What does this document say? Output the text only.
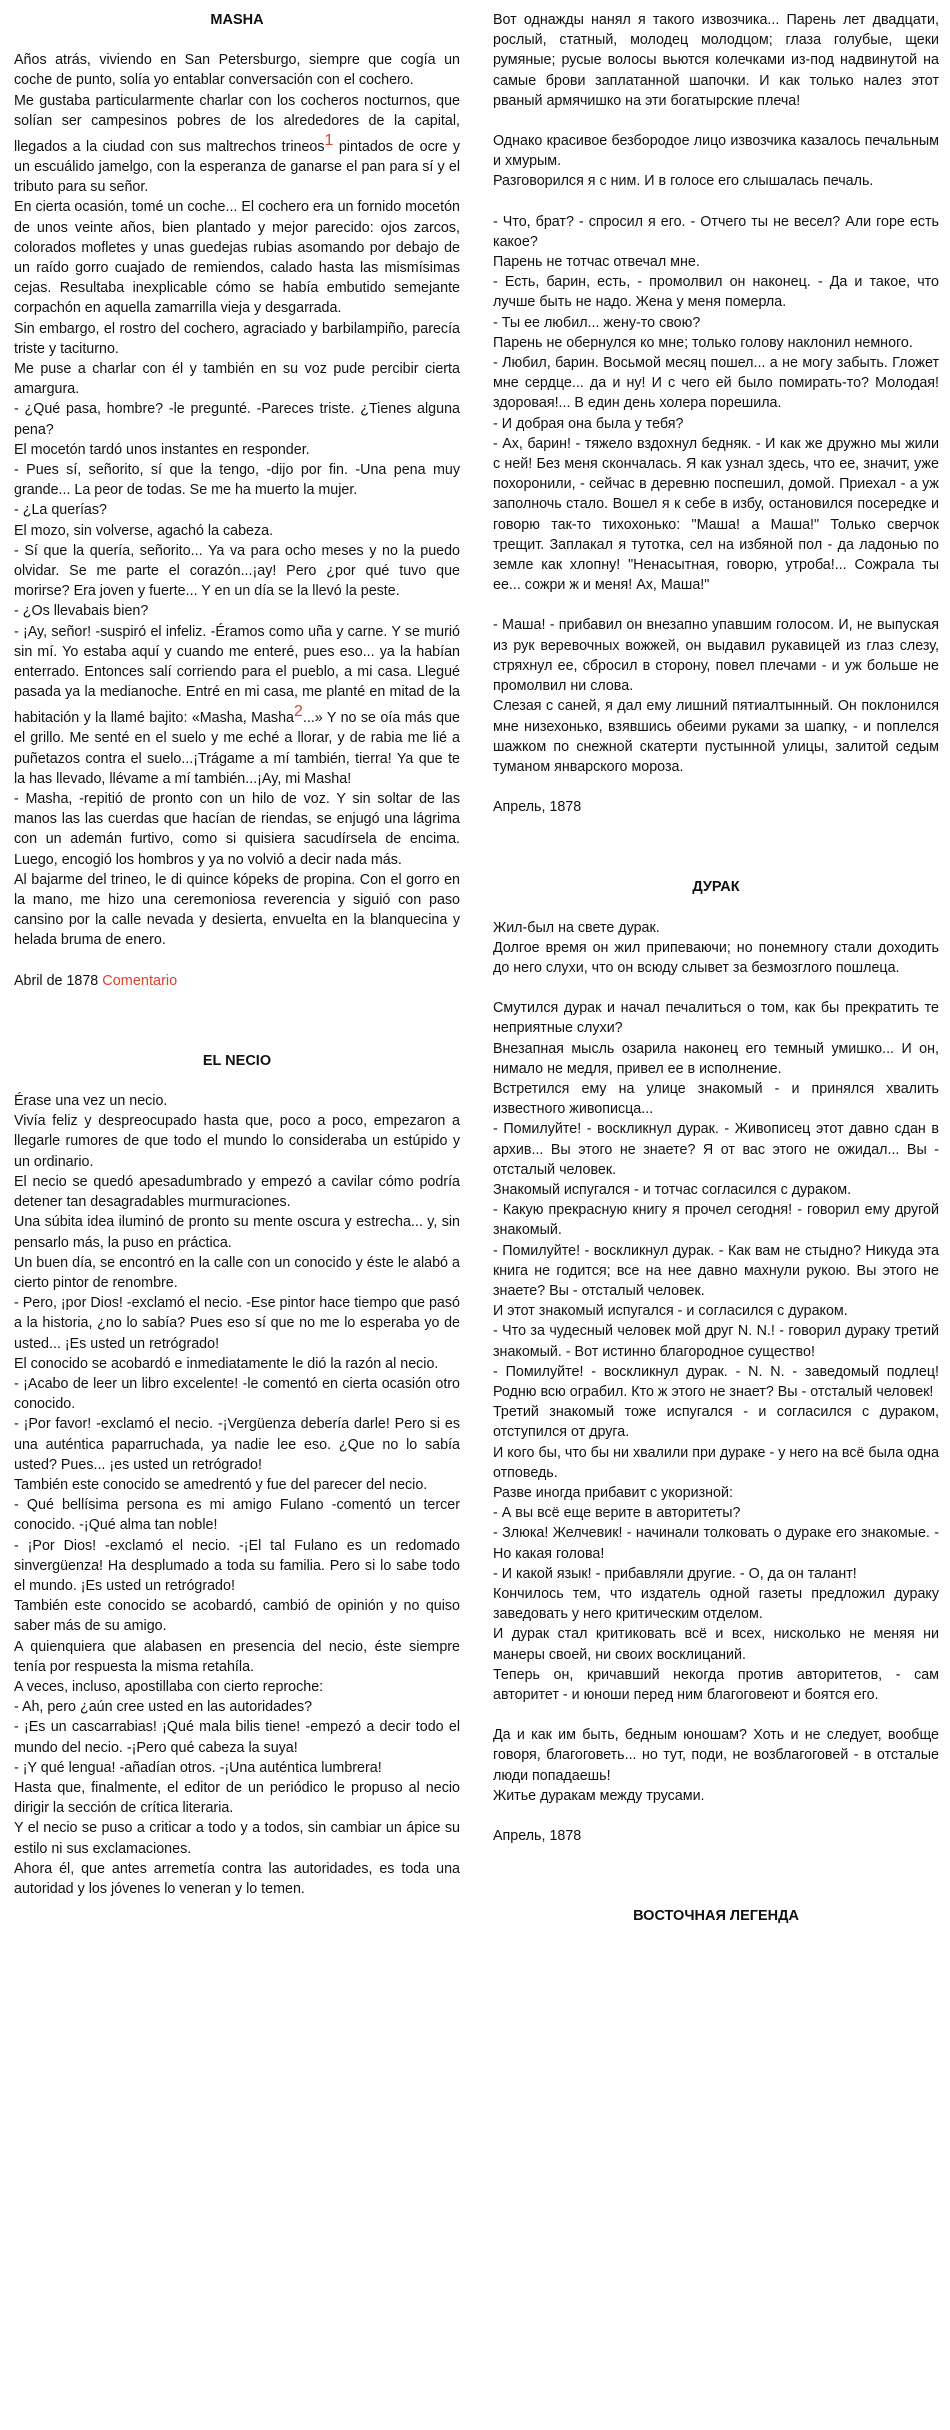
MASHA

Años atrás, viviendo en San Petersburgo, siempre que cogía un coche de punto, solía yo entablar conversación con el cochero.

Me gustaba particularmente charlar con los cocheros nocturnos, que solían ser campesinos pobres de los alrededores de la capital, llegados a la ciudad con sus maltrechos trineos$^1$ pintados de ocre y un escuálido jamelgo, con la esperanza de ganarse el pan para sí y el tributo para su señor.

En cierta ocasión, tomé un coche... El cochero era un fornido mocetón de unos veinte años, bien plantado y mejor parecido: ojos zarcos, colorados mofletes y unas guedejas rubias asomando por debajo de un raído gorro cuajado de remiendos, calado hasta las mismísimas cejas. Resultaba inexplicable cómo se había embutido semejante corpachón en aquella zamarrilla vieja y desgarrada.

Sin embargo, el rostro del cochero, agraciado y barbilampiño, parecía triste y taciturno.

Me puse a charlar con él y también en su voz pude percibir cierta amargura.

- ¿Qué pasa, hombre? -le pregunté. -Pareces triste. ¿Tienes alguna pena?

El mocetón tardó unos instantes en responder.

- Pues sí, señorito, sí que la tengo, -dijo por fin. -Una pena muy grande... La peor de todas. Se me ha muerto la mujer.

- ¿La querías?

El mozo, sin volverse, agachó la cabeza.

- Sí que la quería, señorito... Ya va para ocho meses y no la puedo olvidar. Se me parte el corazón...¡ay! Pero ¿por qué tuvo que morirse? Era joven y fuerte... Y en un día se la llevó la peste.

- ¿Os llevabais bien?

- ¡Ay, señor! -suspiró el infeliz. -Éramos como uña y carne. Y se murió sin mí. Yo estaba aquí y cuando me enteré, pues eso... ya la habían enterrado. Entonces salí corriendo para el pueblo, a mi casa. Llegué pasada ya la medianoche. Entré en mi casa, me planté en mitad de la habitación y la llamé bajito: «Masha, Masha$^2$...» Y no se oía más que el grillo. Me senté en el suelo y me eché a llorar, y de rabia me lié a puñetazos contra el suelo...¡Trágame a mí también, tierra! Ya que te la has llevado, llévame a mí también...¡Ay, mi Masha!

- Masha, -repitió de pronto con un hilo de voz. Y sin soltar de las manos las las cuerdas que hacían de riendas, se enjugó una lágrima con un ademán furtivo, como si quisiera sacudírsela de encima. Luego, encogió los hombros y ya no volvió a decir nada más.

Al bajarme del trineo, le di quince kópeks de propina. Con el gorro en la mano, me hizo una ceremoniosa reverencia y siguió con paso cansino por la calle nevada y desierta, envuelta en la blanquecina y helada bruma de enero.

Abril de 1878 Comentario

EL NECIO

Érase una vez un necio.

Vivía feliz y despreocupado hasta que, poco a poco, empezaron a llegarle rumores de que todo el mundo lo consideraba un estúpido y un ordinario.

El necio se quedó apesadumbrado y empezó a cavilar cómo podría detener tan desagradables murmuraciones.

Una súbita idea iluminó de pronto su mente oscura y estrecha... y, sin pensarlo más, la puso en práctica.

Un buen día, se encontró en la calle con un conocido y éste le alabó a cierto pintor de renombre.

- Pero, ¡por Dios! -exclamó el necio. -Ese pintor hace tiempo que pasó a la historia, ¿no lo sabía? Pues eso sí que no me lo esperaba yo de usted... ¡Es usted un retrógrado!

El conocido se acobardó e inmediatamente le dió la razón al necio.

- ¡Acabo de leer un libro excelente! -le comentó en cierta ocasión otro conocido.

- ¡Por favor! -exclamó el necio. -¡Vergüenza debería darle! Pero si es una auténtica paparruchada, ya nadie lee eso. ¿Que no lo sabía usted? Pues... ¡es usted un retrógrado!

También este conocido se amedrentó y fue del parecer del necio.

- Qué bellísima persona es mi amigo Fulano -comentó un tercer conocido. -¡Qué alma tan noble!

- ¡Por Dios! -exclamó el necio. -¡El tal Fulano es un redomado sinvergüenza! Ha desplumado a toda su familia. Pero si lo sabe todo el mundo. ¡Es usted un retrógrado!

También este conocido se acobardó, cambió de opinión y no quiso saber más de su amigo.

A quienquiera que alabasen en presencia del necio, éste siempre tenía por respuesta la misma retahíla.

A veces, incluso, apostillaba con cierto reproche:

- Ah, pero ¿aún cree usted en las autoridades?

- ¡Es un cascarrabias! ¡Qué mala bilis tiene! -empezó a decir todo el mundo del necio. -¡Pero qué cabeza la suya!

- ¡Y qué lengua! -añadían otros. -¡Una auténtica lumbrera!

Hasta que, finalmente, el editor de un periódico le propuso al necio dirigir la sección de crítica literaria.

Y el necio se puso a criticar a todo y a todos, sin cambiar un ápice su estilo ni sus exclamaciones.

Ahora él, que antes arremetía contra las autoridades, es toda una autoridad y los jóvenes lo veneran y lo temen.

Вот однажды нанял я такого извозчика... Парень лет двадцати, рослый, статный, молодец молодцом; глаза голубые, щеки румяные; русые волосы вьются колечками из-под надвинутой на самые брови заплатанной шапочки. И как только налез этот рваный армячишко на эти богатырские плеча!

Однако красивое безбородое лицо извозчика казалось печальным и хмурым.

Разговорился я с ним. И в голосе его слышалась печаль.

- Что, брат? - спросил я его. - Отчего ты не весел? Али горе есть какое?

Парень не тотчас отвечал мне.

- Есть, барин, есть, - промолвил он наконец. - Да и такое, что лучше быть не надо. Жена у меня померла.

- Ты ее любил... жену-то свою?

Парень не обернулся ко мне; только голову наклонил немного.

- Любил, барин. Восьмой месяц пошел... а не могу забыть. Гложет мне сердце... да и ну! И с чего ей было помирать-то? Молодая! здоровая!... В един день холера порешила.

- И добрая она была у тебя?

- Ах, барин! - тяжело вздохнул бедняк. - И как же дружно мы жили с ней! Без меня скончалась. Я как узнал здесь, что ее, значит, уже похоронили, - сейчас в деревню поспешил, домой. Приехал - а уж заполночь стало. Вошел я к себе в избу, остановился посередке и говорю так-то тихохонько: "Маша! а Маша!" Только сверчок трещит. Заплакал я тутотка, сел на избяной пол - да ладонью по земле как хлопну! "Ненасытная, говорю, утроба!... Сожрала ты ее... сожри ж и меня! Ах, Маша!"

- Маша! - прибавил он внезапно упавшим голосом. И, не выпуская из рук веревочных вожжей, он выдавил рукавицей из глаз слезу, стряхнул ее, сбросил в сторону, повел плечами - и уж больше не промолвил ни слова.

Слезая с саней, я дал ему лишний пятиалтынный. Он поклонился мне низехонько, взявшись обеими руками за шапку, - и поплелся шажком по снежной скатерти пустынной улицы, залитой седым туманом январского мороза.

Апрель, 1878

ДУРАК

Жил-был на свете дурак.

Долгое время он жил припеваючи; но понемногу стали доходить до него слухи, что он всюду слывет за безмозглого пошлеца.

Смутился дурак и начал печалиться о том, как бы прекратить те неприятные слухи?

Внезапная мысль озарила наконец его темный умишко... И он, нимало не медля, привел ее в исполнение.

Встретился ему на улице знакомый - и принялся хвалить известного живописца...

- Помилуйте! - воскликнул дурак. - Живописец этот давно сдан в архив... Вы этого не знаете? Я от вас этого не ожидал... Вы - отсталый человек.

Знакомый испугался - и тотчас согласился с дураком.

- Какую прекрасную книгу я прочел сегодня! - говорил ему другой знакомый.

- Помилуйте! - воскликнул дурак. - Как вам не стыдно? Никуда эта книга не годится; все на нее давно махнули рукою. Вы этого не знаете? Вы - отсталый человек.

И этот знакомый испугался - и согласился с дураком.

- Что за чудесный человек мой друг N. N.! - говорил дураку третий знакомый. - Вот истинно благородное существо!

- Помилуйте! - воскликнул дурак. - N. N. - заведомый подлец! Родню всю ограбил. Кто ж этого не знает? Вы - отсталый человек!

Третий знакомый тоже испугался - и согласился с дураком, отступился от друга.

И кого бы, что бы ни хвалили при дураке - у него на всё была одна отповедь.

Разве иногда прибавит с укоризной:

- А вы всё еще верите в авторитеты?

- Злюка! Желчевик! - начинали толковать о дураке его знакомые. - Но какая голова!

- И какой язык! - прибавляли другие. - О, да он талант!

Кончилось тем, что издатель одной газеты предложил дураку заведовать у него критическим отделом.

И дурак стал критиковать всё и всех, нисколько не меняя ни манеры своей, ни своих восклицаний.

Теперь он, кричавший некогда против авторитетов, - сам авторитет - и юноши перед ним благоговеют и боятся его.

Да и как им быть, бедным юношам? Хоть и не следует, вообще говоря, благоговеть... но тут, поди, не возблагоговей - в отсталые люди попадаешь!

Житье дуракам между трусами.

Апрель, 1878

ВОСТОЧНАЯ ЛЕГЕНДА
